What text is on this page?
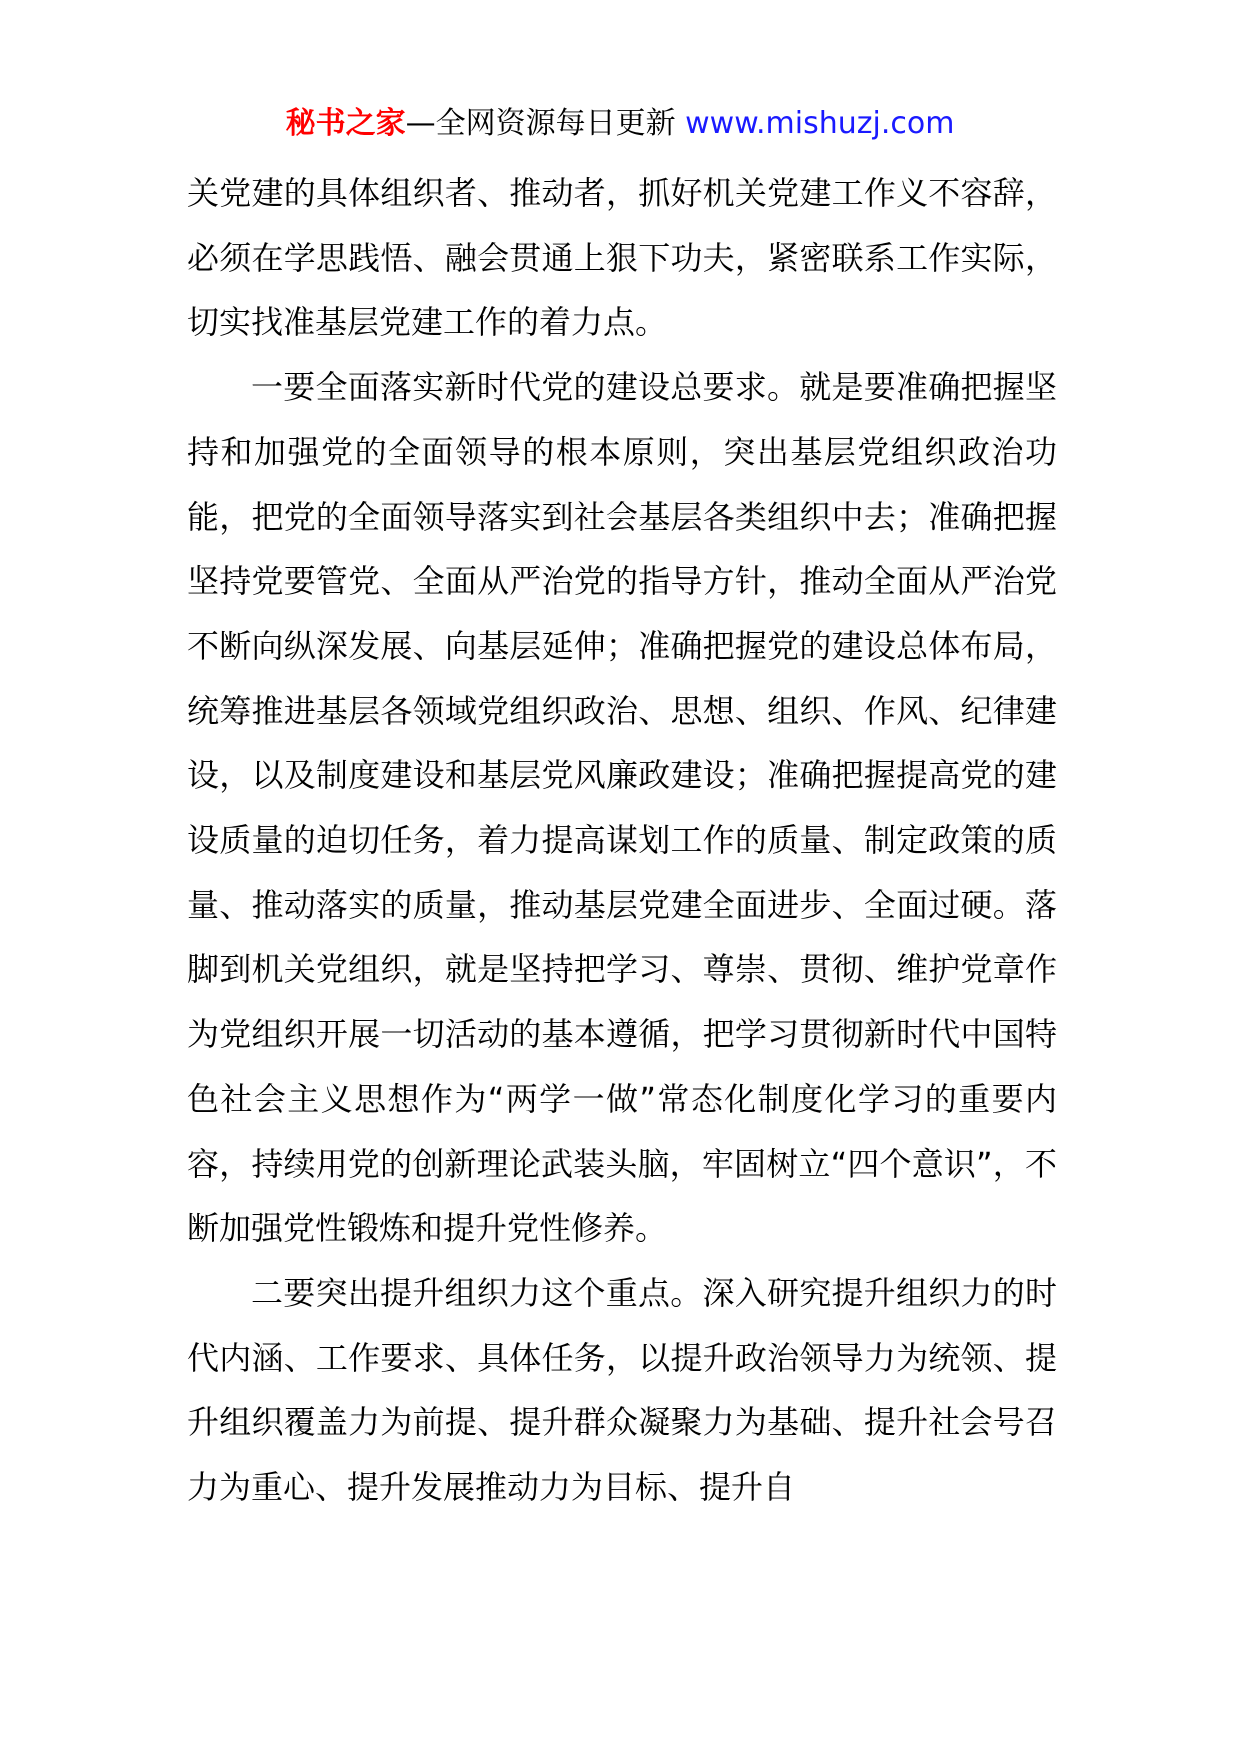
秘书之家—全网资源每日更新 www.mishuzj.com

关党建的具体组织者、推动者，抓好机关党建工作义不容辞，必须在学思践悟、融会贯通上狠下功夫，紧密联系工作实际，切实找准基层党建工作的着力点。

一要全面落实新时代党的建设总要求。就是要准确把握坚持和加强党的全面领导的根本原则，突出基层党组织政治功能，把党的全面领导落实到社会基层各类组织中去；准确把握坚持党要管党、全面从严治党的指导方针，推动全面从严治党不断向纵深发展、向基层延伸；准确把握党的建设总体布局，统筹推进基层各领域党组织政治、思想、组织、作风、纪律建设，以及制度建设和基层党风廉政建设；准确把握提高党的建设质量的迫切任务，着力提高谋划工作的质量、制定政策的质量、推动落实的质量，推动基层党建全面进步、全面过硬。落脚到机关党组织，就是坚持把学习、尊崇、贯彻、维护党章作为党组织开展一切活动的基本遵循，把学习贯彻新时代中国特色社会主义思想作为“两学一做”常态化制度化学习的重要内容，持续用党的创新理论武装头脑，牢固树立“四个意识”，不断加强党性锻炼和提升党性修养。

二要突出提升组织力这个重点。深入研究提升组织力的时代内涵、工作要求、具体任务，以提升政治领导力为统领、提升组织覆盖力为前提、提升群众凝聚力为基础、提升社会号召力为重心、提升发展推动力为目标、提升自
